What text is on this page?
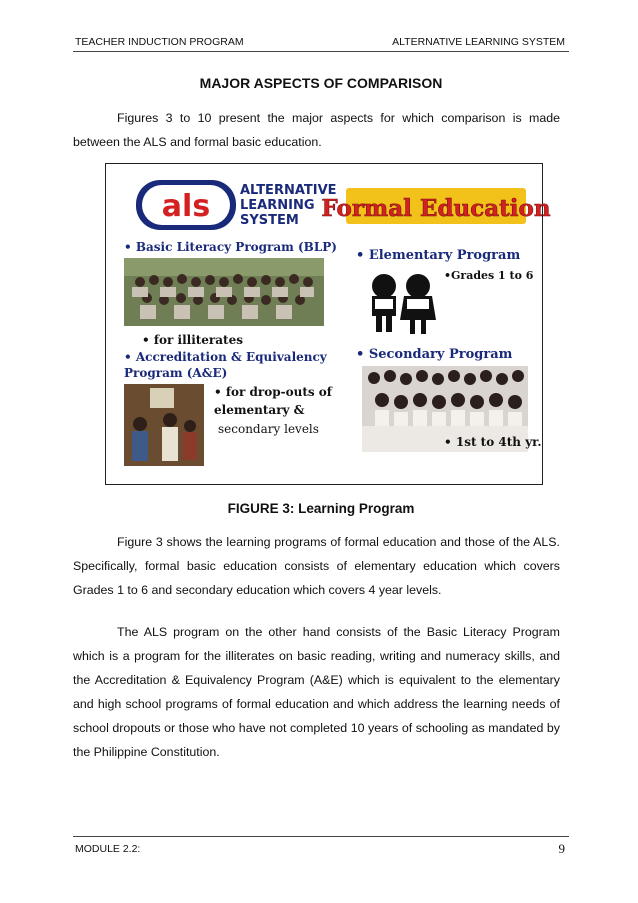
TEACHER INDUCTION PROGRAM	ALTERNATIVE LEARNING SYSTEM
MAJOR ASPECTS OF COMPARISON

Figures 3 to 10 present the major aspects for which comparison is made between the ALS and formal basic education.

als ALTERNATIVE
LEARNING
SYSTEM Formal Education
• Basic Literacy Program (BLP)
• for illiterates
• Accreditation & Equivalency
Program (A&E)
• for drop-outs of
elementary &
secondary levels
• Elementary Program
•Grades 1 to 6
• Secondary Program
• 1st to 4th yr.
FIGURE 3: Learning Program

Figure 3 shows the learning programs of formal education and those of the ALS. Specifically, formal basic education consists of elementary education which covers Grades 1 to 6 and secondary education which covers 4 year levels.

The ALS program on the other hand consists of the Basic Literacy Program which is a program for the illiterates on basic reading, writing and numeracy skills, and the Accreditation & Equivalency Program (A&E) which is equivalent to the elementary and high school programs of formal education and which address the learning needs of school dropouts or those who have not completed 10 years of schooling as mandated by the Philippine Constitution.

MODULE 2.2:	9
